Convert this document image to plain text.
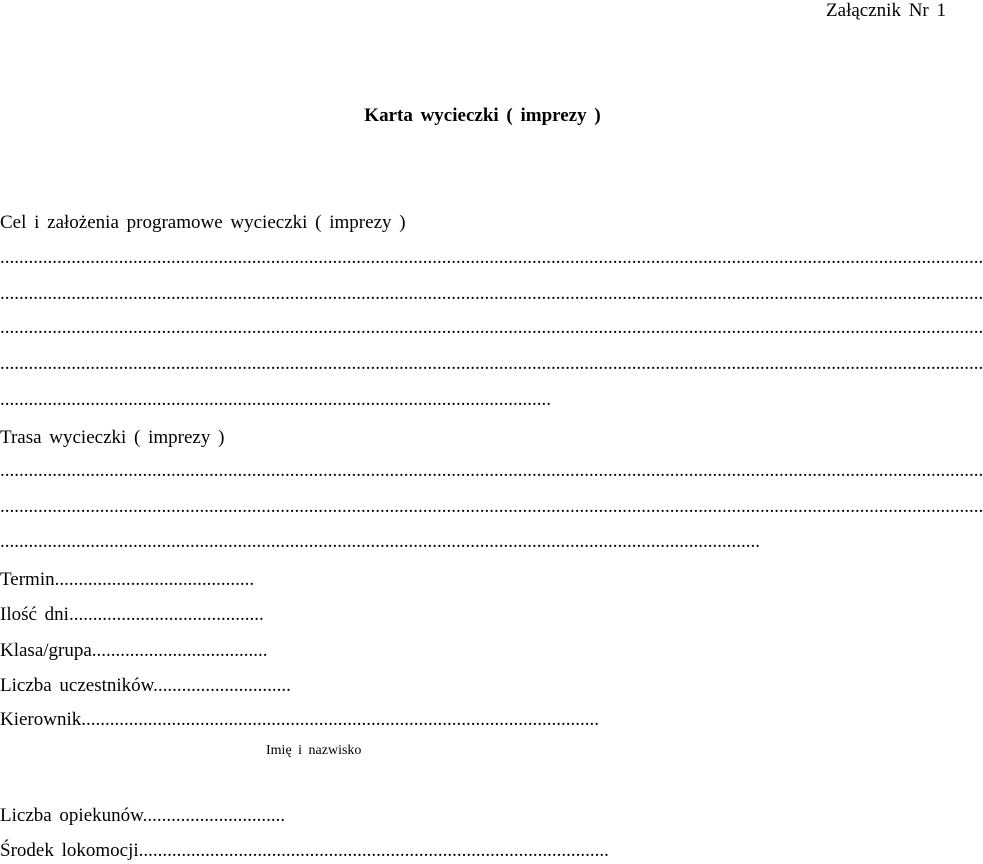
Załącznik Nr 1
Karta wycieczki ( imprezy )
Cel i założenia programowe wycieczki ( imprezy )
...............................................................................................................................................................................................................
...............................................................................................................................................................................................................
...............................................................................................................................................................................................................
...............................................................................................................................................................................................................
....................................................................................................................
Trasa wycieczki ( imprezy )
...............................................................................................................................................................................................................
...............................................................................................................................................................................................................
................................................................................................................................................................
Termin..........................................
Ilość dni.........................................
Klasa/grupa.....................................
Liczba uczestników.............................
Kierownik.............................................................................................................
Imię i nazwisko
Liczba opiekunów..............................
Środek lokomocji...................................................................................................
